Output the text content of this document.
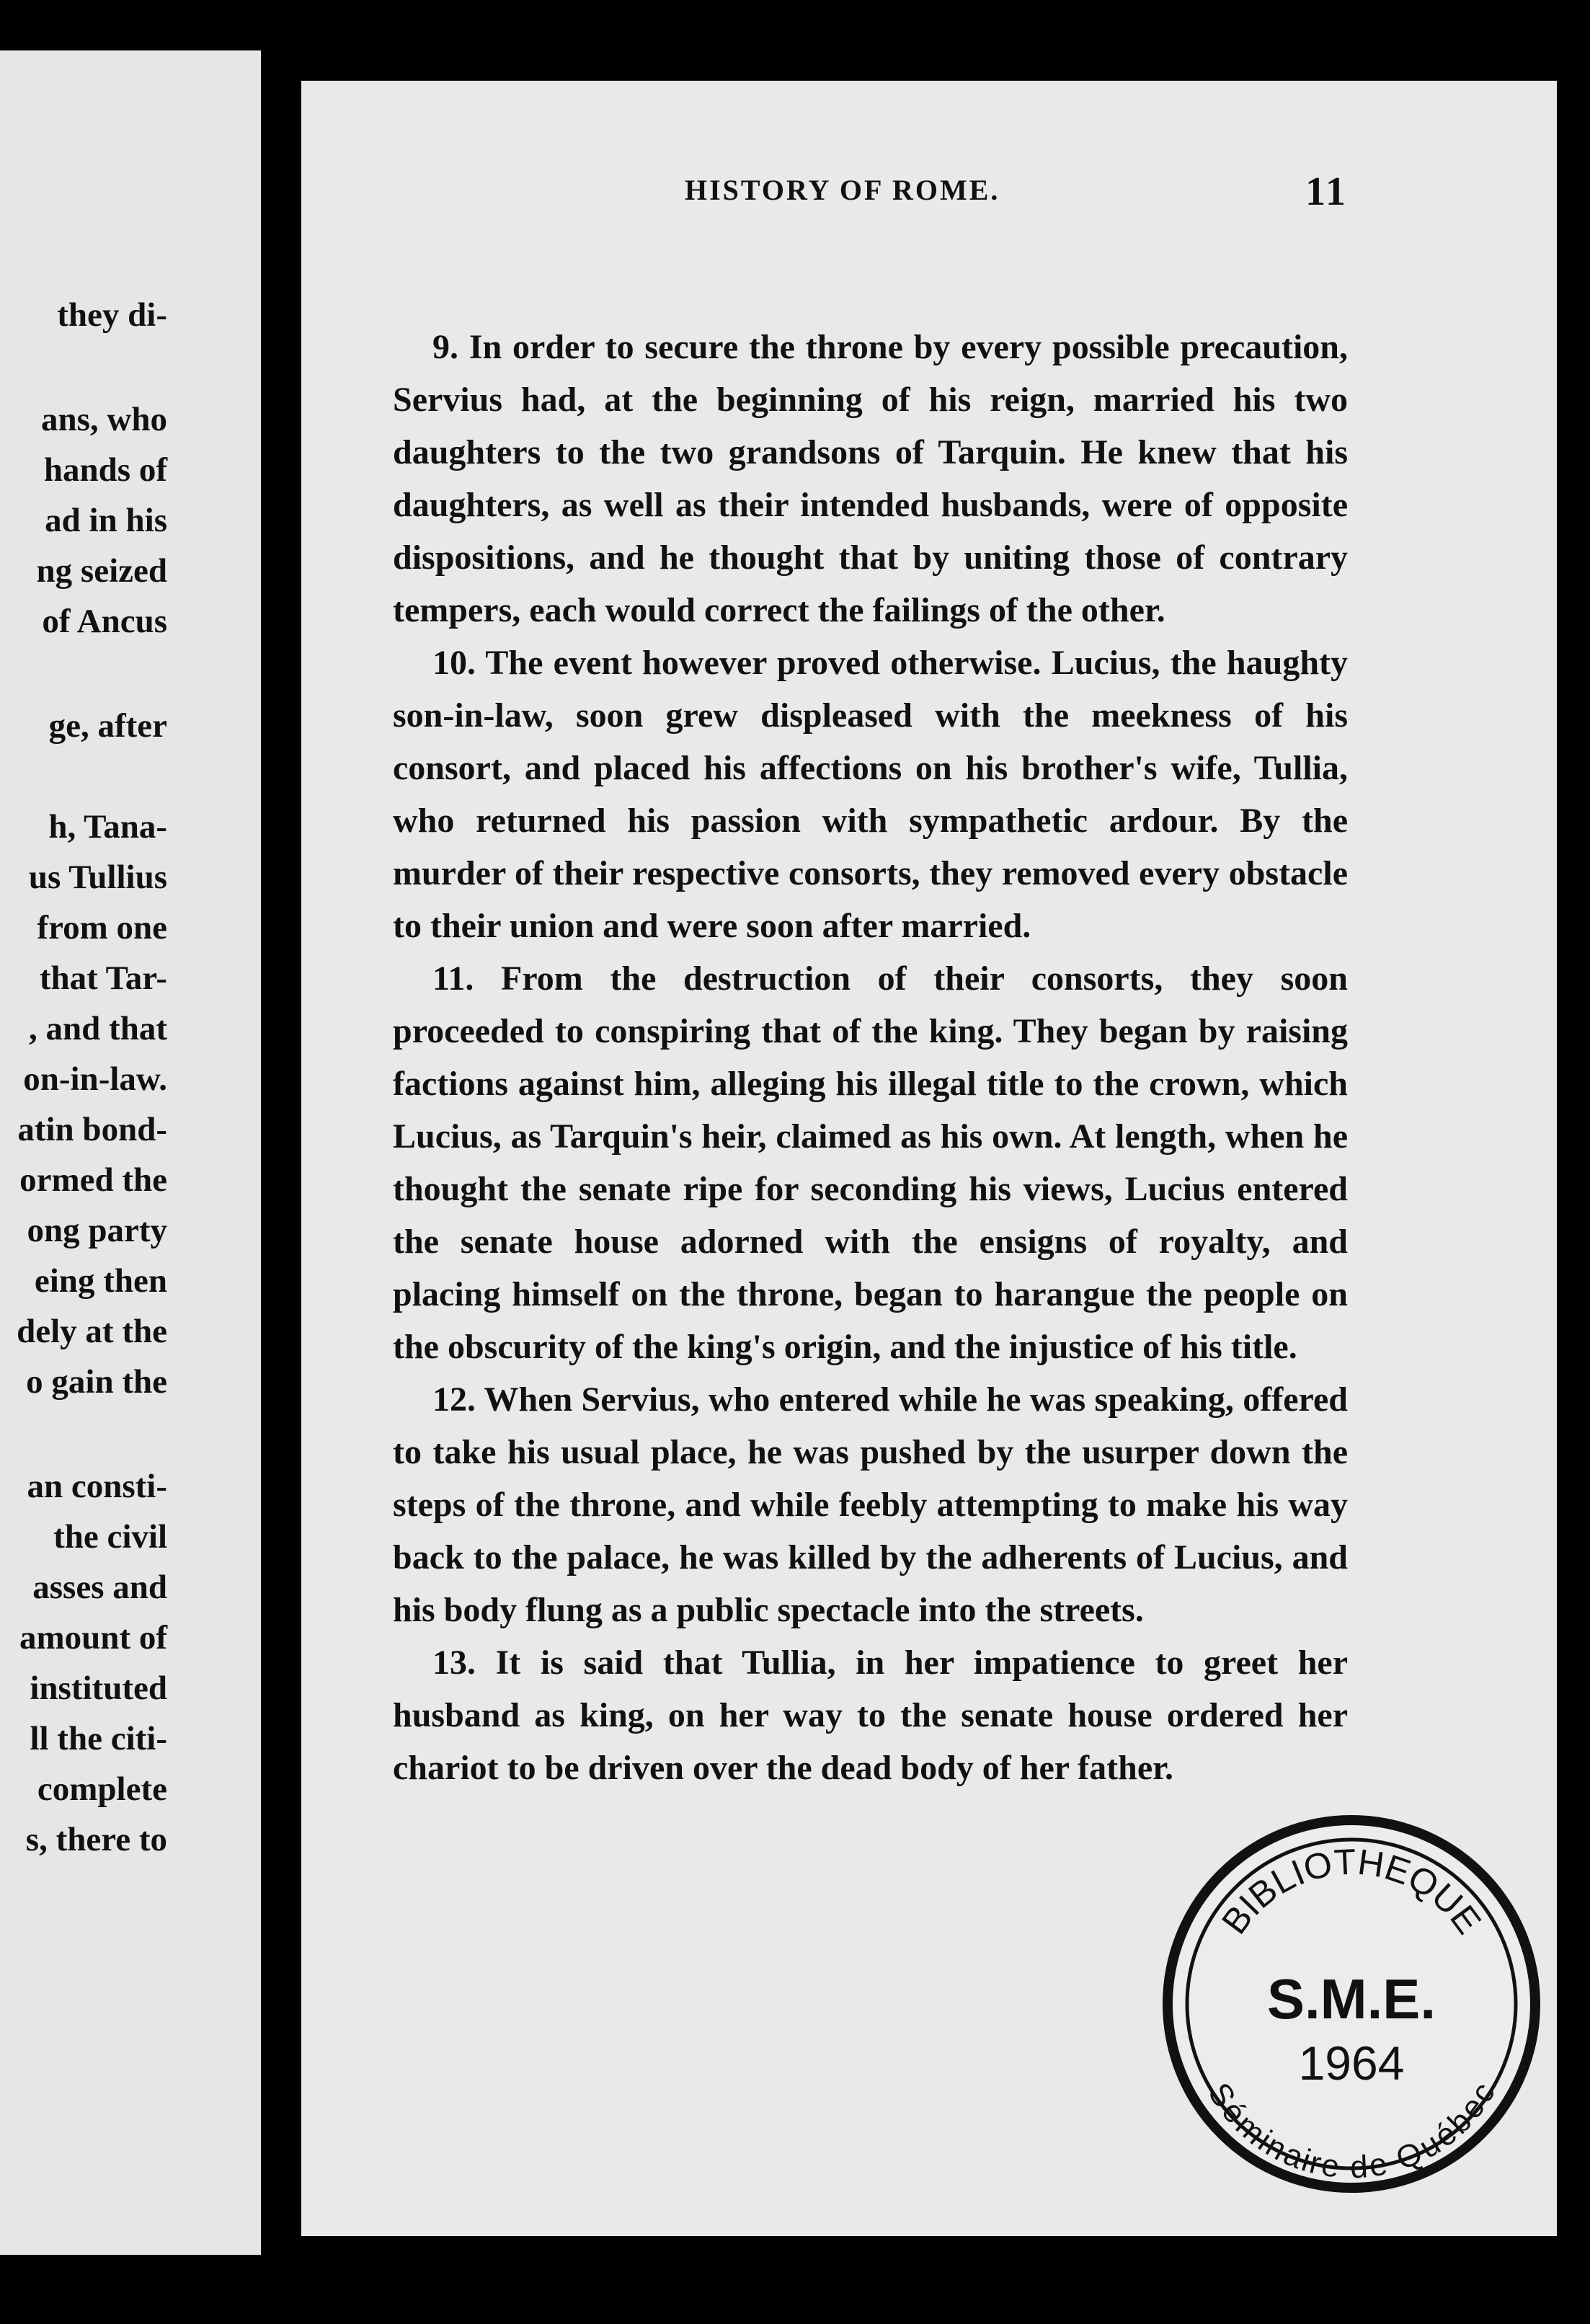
they di-
ans, who
hands of
ad in his
ng seized
of Ancus
ge, after
h, Tana-
us Tullius
from one
that Tar-
, and that
on-in-law.
atin bond-
ormed the
ong party
eing then
dely at the
o gain the
an consti-
the civil
asses and
amount of
instituted
ll the citi-
complete
s, there to
HISTORY OF ROME.	11

9. In order to secure the throne by every possible precaution, Servius had, at the beginning of his reign, married his two daughters to the two grandsons of Tarquin. He knew that his daughters, as well as their intended husbands, were of opposite dispositions, and he thought that by uniting those of contrary tempers, each would correct the failings of the other.

10. The event however proved otherwise. Lucius, the haughty son-in-law, soon grew displeased with the meekness of his consort, and placed his affections on his brother's wife, Tullia, who returned his passion with sympathetic ardour. By the murder of their respective consorts, they removed every obstacle to their union and were soon after married.

11. From the destruction of their consorts, they soon proceeded to conspiring that of the king. They began by raising factions against him, alleging his illegal title to the crown, which Lucius, as Tarquin's heir, claimed as his own. At length, when he thought the senate ripe for seconding his views, Lucius entered the senate house adorned with the ensigns of royalty, and placing himself on the throne, began to harangue the people on the obscurity of the king's origin, and the injustice of his title.

12. When Servius, who entered while he was speaking, offered to take his usual place, he was pushed by the usurper down the steps of the throne, and while feebly attempting to make his way back to the palace, he was killed by the adherents of Lucius, and his body flung as a public spectacle into the streets.

13. It is said that Tullia, in her impatience to greet her husband as king, on her way to the senate house ordered her chariot to be driven over the dead body of her father.

BIBLIOTHEQUE
Séminaire de Québec
S.M.E.
1964
